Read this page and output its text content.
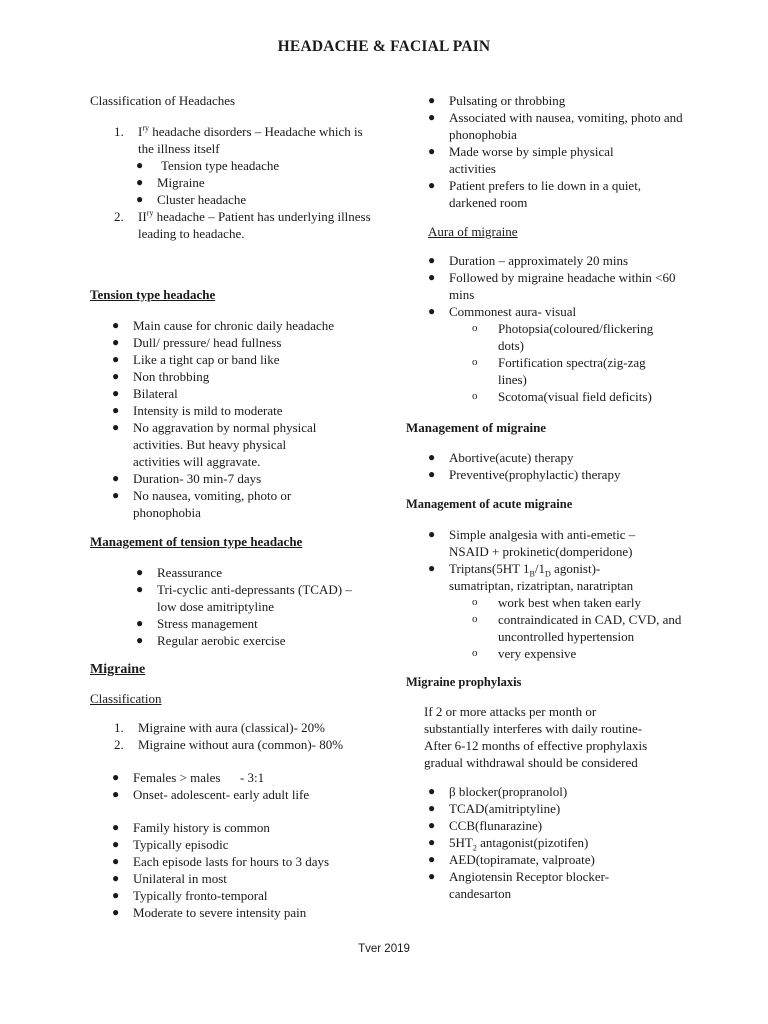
HEADACHE & FACIAL PAIN
Classification of Headaches
1.	$I^{ry}$ headache disorders – Headache which is the illness itself
●	Tension type headache
●	Migraine
●	Cluster headache
2.	$II^{ry}$ headache – Patient has underlying illness leading to headache.
Tension type headache
●	Main cause for chronic daily headache
●	Dull/ pressure/ head fullness
●	Like a tight cap or band like
●	Non throbbing
●	Bilateral
●	Intensity is mild to moderate
●	No aggravation by normal physical activities. But heavy physical activities will aggravate.
●	Duration- 30 min-7 days
●	No nausea, vomiting, photo or phonophobia
Management of tension type headache
●	Reassurance
●	Tri-cyclic anti-depressants (TCAD) –low dose amitriptyline
●	Stress management
●	Regular aerobic exercise
Migraine
Classification
1.	Migraine with aura (classical)- 20%
2.	Migraine without aura (common)- 80%
●	Females > males      - 3:1
●	Onset- adolescent- early adult life
●	Family history is common
●	Typically episodic
●	Each episode lasts for hours to 3 days
●	Unilateral in most
●	Typically fronto-temporal
●	Moderate to severe intensity pain
●	Pulsating or throbbing
●	Associated with nausea, vomiting, photo and phonophobia
●	Made worse by simple physical activities
●	Patient prefers to lie down in a quiet, darkened room
Aura of migraine
●	Duration – approximately 20 mins
●	Followed by migraine headache within <60 mins
●	Commonest aura- visual
o	Photopsia(coloured/flickering dots)
o	Fortification spectra(zig-zag lines)
o	Scotoma(visual field deficits)
Management of migraine
●	Abortive(acute) therapy
●	Preventive(prophylactic) therapy
Management of acute migraine
●	Simple analgesia with anti-emetic – NSAID + prokinetic(domperidone)
●	Triptans(5HT $1_B/1_D$ agonist)- sumatriptan, rizatriptan, naratriptan
o	work best when taken early
o	contraindicated in CAD, CVD, and uncontrolled hypertension
o	very expensive
Migraine prophylaxis
If 2 or more attacks per month or substantially interferes with daily routine- After 6-12 months of effective prophylaxis gradual withdrawal should be considered
●	β blocker(propranolol)
●	TCAD(amitriptyline)
●	CCB(flunarazine)
●	$5HT_2$ antagonist(pizotifen)
●	AED(topiramate, valproate)
●	Angiotensin Receptor blocker- candesarton
Tver 2019
